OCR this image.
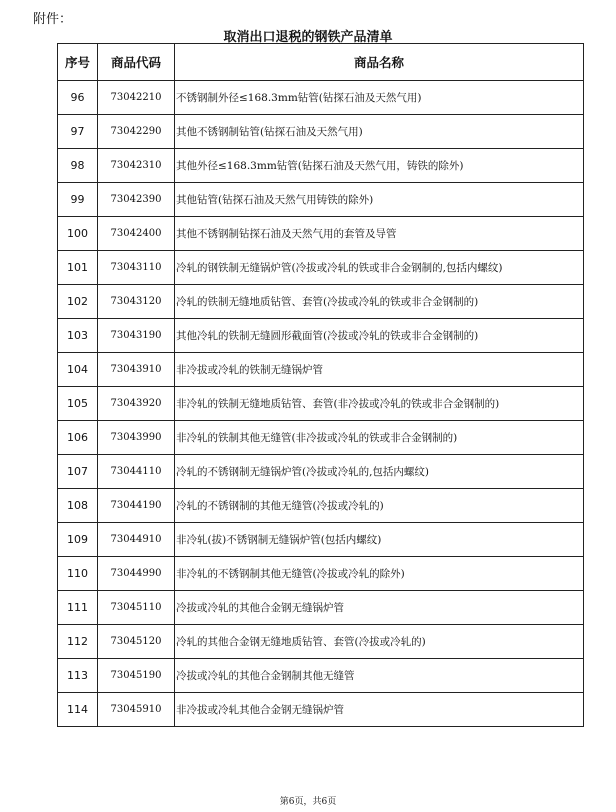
附件：
取消出口退税的钢铁产品清单
序号	商品代码	商品名称
96	73042210	不锈钢制外径≤168.3mm钻管(钻探石油及天然气用)
97	73042290	其他不锈钢制钻管(钻探石油及天然气用)
98	73042310	其他外径≤168.3mm钻管(钻探石油及天然气用，铸铁的除外)
99	73042390	其他钻管(钻探石油及天然气用铸铁的除外)
100	73042400	其他不锈钢制钻探石油及天然气用的套管及导管
101	73043110	冷轧的钢铁制无缝锅炉管(冷拔或冷轧的铁或非合金钢制的,包括内螺纹)
102	73043120	冷轧的铁制无缝地质钻管、套管(冷拔或冷轧的铁或非合金钢制的)
103	73043190	其他冷轧的铁制无缝圆形截面管(冷拔或冷轧的铁或非合金钢制的)
104	73043910	非冷拔或冷轧的铁制无缝锅炉管
105	73043920	非冷轧的铁制无缝地质钻管、套管(非冷拔或冷轧的铁或非合金钢制的)
106	73043990	非冷轧的铁制其他无缝管(非冷拔或冷轧的铁或非合金钢制的)
107	73044110	冷轧的不锈钢制无缝锅炉管(冷拔或冷轧的,包括内螺纹)
108	73044190	冷轧的不锈钢制的其他无缝管(冷拔或冷轧的)
109	73044910	非冷轧(拔)不锈钢制无缝锅炉管(包括内螺纹)
110	73044990	非冷轧的不锈钢制其他无缝管(冷拔或冷轧的除外)
111	73045110	冷拔或冷轧的其他合金钢无缝锅炉管
112	73045120	冷轧的其他合金钢无缝地质钻管、套管(冷拔或冷轧的)
113	73045190	冷拔或冷轧的其他合金钢制其他无缝管
114	73045910	非冷拔或冷轧其他合金钢无缝锅炉管
第6页，共6页
